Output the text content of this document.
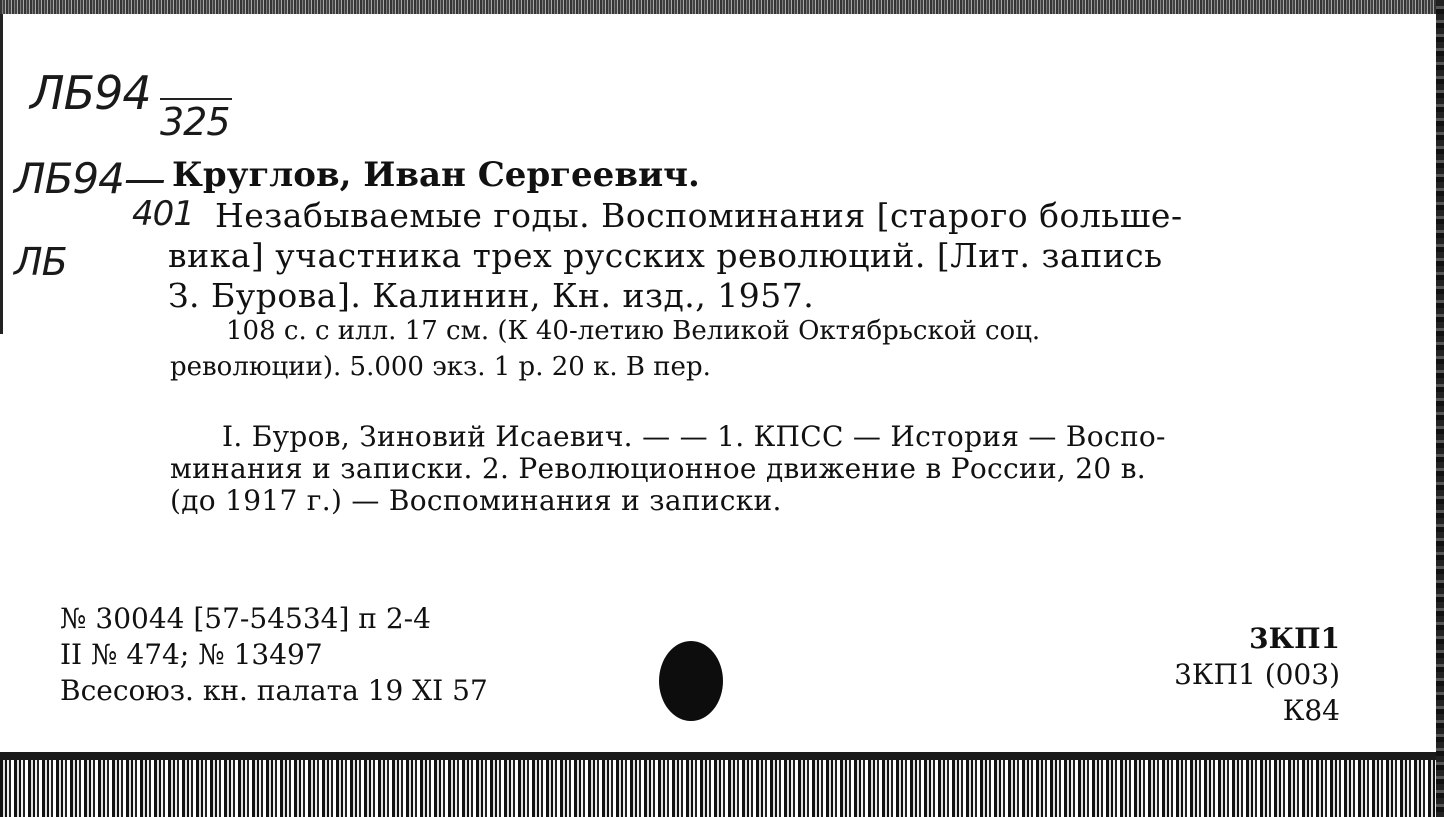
ЛБ94
325
ЛБ94—
401
ЛБ
Круглов, Иван Сергеевич.
Незабываемые годы. Воспоминания [старого больше-
вика] участника трех русских революций. [Лит. запись
З. Бурова]. Калинин, Кн. изд., 1957.
108 с. с илл. 17 см. (К 40-летию Великой Октябрьской соц.
революции). 5.000 экз. 1 р. 20 к. В пер.
I. Буров, Зиновий Исаевич. — — 1. КПСС — История — Воспо-
минания и записки. 2. Революционное движение в России, 20 в.
(до 1917 г.) — Воспоминания и записки.
№ 30044 [57-54534] п 2-4
II № 474; № 13497
Всесоюз. кн. палата 19 XI 57
3КП1
3КП1 (003)
К84
